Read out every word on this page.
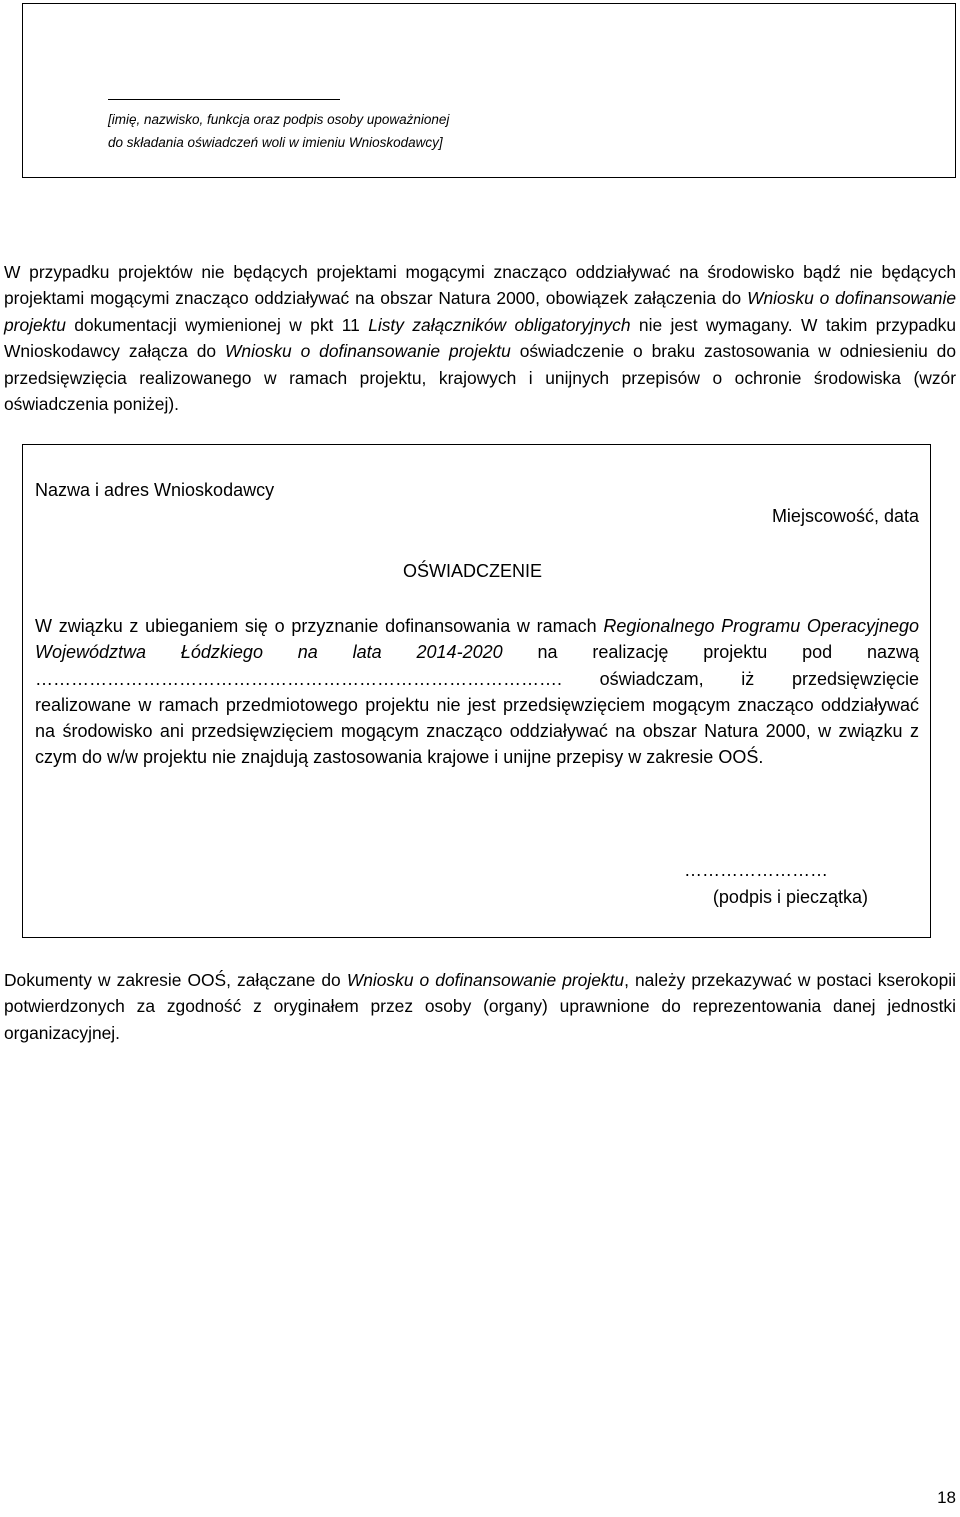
[imię, nazwisko, funkcja oraz podpis osoby upoważnionej
do składania oświadczeń woli w imieniu Wnioskodawcy]

W przypadku projektów nie będących projektami mogącymi znacząco oddziaływać na środowisko bądź nie będących projektami mogącymi znacząco oddziaływać na obszar Natura 2000, obowiązek załączenia do Wniosku o dofinansowanie projektu dokumentacji wymienionej w pkt 11 Listy załączników obligatoryjnych nie jest wymagany. W takim przypadku Wnioskodawcy załącza do Wniosku o dofinansowanie projektu oświadczenie o braku zastosowania w odniesieniu do przedsięwzięcia realizowanego w ramach projektu, krajowych i unijnych przepisów o ochronie środowiska (wzór oświadczenia poniżej).

Nazwa i adres Wnioskodawcy
Miejscowość, data
OŚWIADCZENIE

W związku z ubieganiem się o przyznanie dofinansowania w ramach Regionalnego Programu Operacyjnego Województwa Łódzkiego na lata 2014-2020 na realizację projektu pod nazwą ……………………………………………………………………………. oświadczam, iż przedsięwzięcie realizowane w ramach przedmiotowego projektu nie jest przedsięwzięciem mogącym znacząco oddziaływać na środowisko ani przedsięwzięciem mogącym znacząco oddziaływać na obszar Natura 2000, w związku z czym do w/w projektu nie znajdują zastosowania krajowe i unijne przepisy w zakresie OOŚ.

……………………
(podpis i pieczątka)

Dokumenty w zakresie OOŚ, załączane do Wniosku o dofinansowanie projektu, należy przekazywać w postaci kserokopii potwierdzonych za zgodność z oryginałem przez osoby (organy) uprawnione do reprezentowania danej jednostki organizacyjnej.

18
